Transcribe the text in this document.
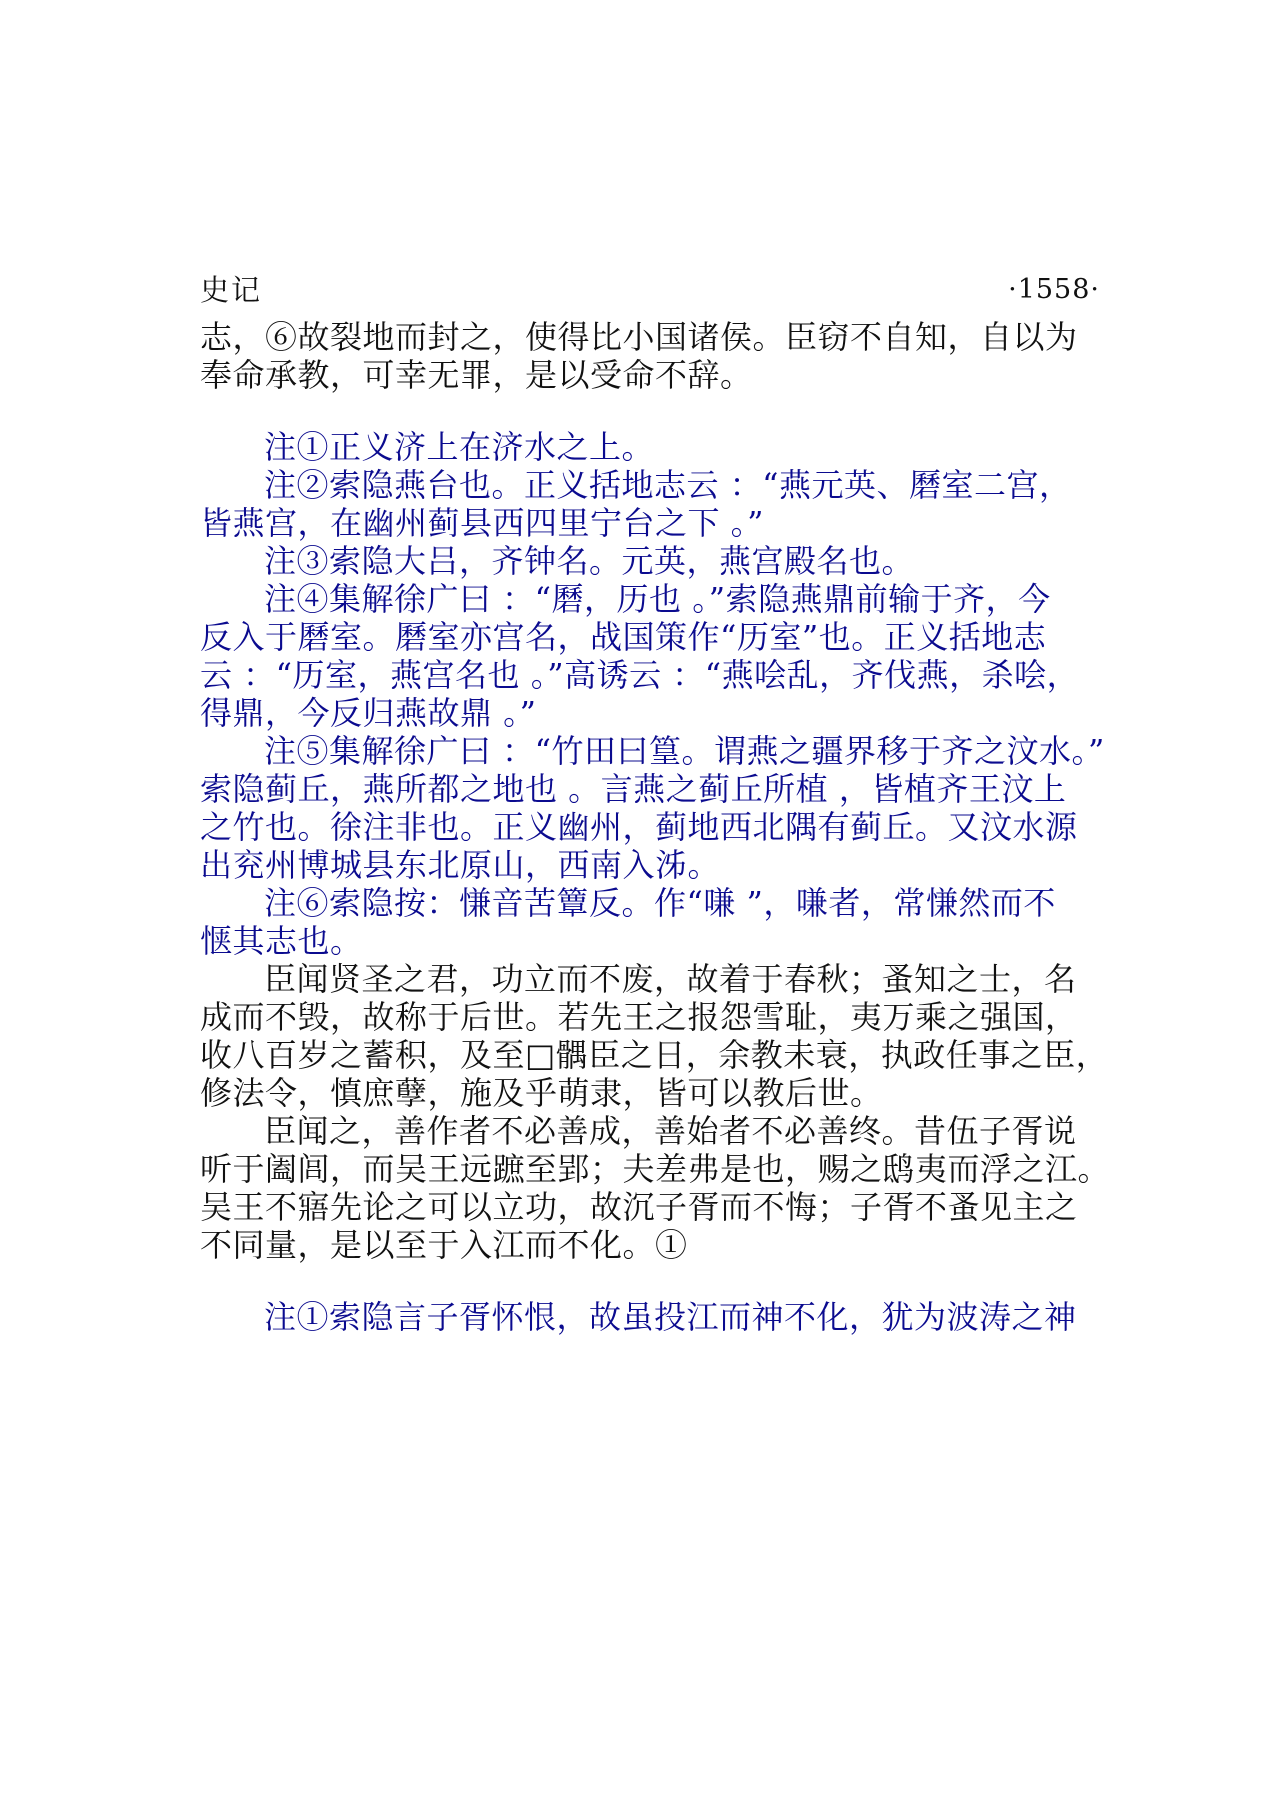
史记	·1558·
志，⑥故裂地而封之，使得比小国诸侯。臣窃不自知，自以为
奉命承教，可幸无罪，是以受命不辞。
注①正义济上在济水之上。
注②索隐燕台也。正义括地志云 ：“燕元英、磿室二宫，
皆燕宫，在幽州蓟县西四里宁台之下 。”
注③索隐大吕，齐钟名。元英，燕宫殿名也。
注④集解徐广曰 ：“磿，历也 。”索隐燕鼎前输于齐，今
反入于磿室。磿室亦宫名，战国策作“历室”也。正义括地志
云 ：“历室，燕宫名也 。”高诱云 ：“燕哙乱，齐伐燕，杀哙，
得鼎，今反归燕故鼎 。”
注⑤集解徐广曰 ：“竹田曰篁。谓燕之疆界移于齐之汶水。”
索隐蓟丘，燕所都之地也 。言燕之蓟丘所植 ，皆植齐王汶上
之竹也。徐注非也。正义幽州，蓟地西北隅有蓟丘。又汶水源
出兖州博城县东北原山，西南入泲。
注⑥索隐按：慊音苦簟反。作“嗛 ”，嗛者，常慊然而不
惬其志也。
臣闻贤圣之君，功立而不废，故着于春秋；蚤知之士，名
成而不毁，故称于后世。若先王之报怨雪耻，夷万乘之强国，
收八百岁之蓄积，及至□髃臣之日，余教未衰，执政任事之臣，
修法令，慎庶孽，施及乎萌隶，皆可以教后世。
臣闻之，善作者不必善成，善始者不必善终。昔伍子胥说
听于阖闾，而吴王远蹠至郢；夫差弗是也，赐之鸱夷而浮之江。
吴王不寤先论之可以立功，故沉子胥而不悔；子胥不蚤见主之
不同量，是以至于入江而不化。①
注①索隐言子胥怀恨，故虽投江而神不化，犹为波涛之神
